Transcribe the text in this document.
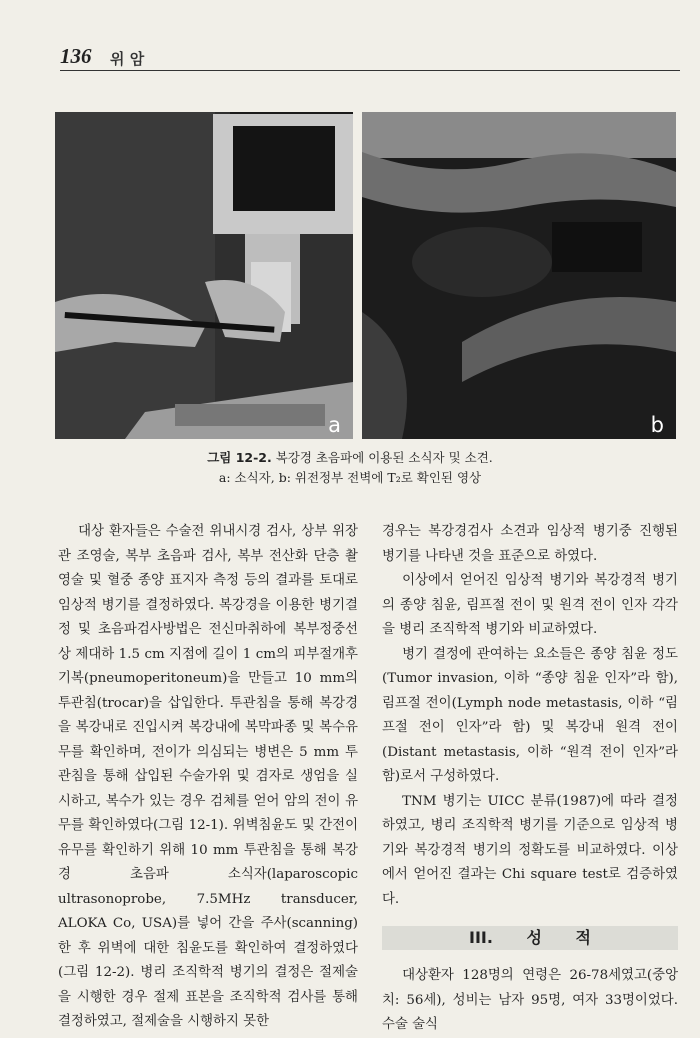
136 위 암
a	b
그림 12-2. 복강경 초음파에 이용된 소식자 및 소견.
a: 소식자, b: 위전정부 전벽에 T₂로 확인된 영상

대상 환자들은 수술전 위내시경 검사, 상부 위장관 조영술, 복부 초음파 검사, 복부 전산화 단층 촬영술 및 혈중 종양 표지자 측정 등의 결과를 토대로 임상적 병기를 결정하였다. 복강경을 이용한 병기결정 및 초음파검사방법은 전신마취하에 복부정중선상 제대하 1.5 cm 지점에 길이 1 cm의 피부절개후 기복(pneumoperitoneum)을 만들고 10 mm의 투관침(trocar)을 삽입한다. 투관침을 통해 복강경을 복강내로 진입시켜 복강내에 복막파종 및 복수유무를 확인하며, 전이가 의심되는 병변은 5 mm 투관침을 통해 삽입된 수술가위 및 겸자로 생엄을 실시하고, 복수가 있는 경우 검체를 얻어 암의 전이 유무를 확인하였다(그림 12-1). 위벽침윤도 및 간전이 유무를 확인하기 위해 10 mm 투관침을 통해 복강경 초음파 소식자(laparoscopic ultrasonoprobe, 7.5MHz transducer, ALOKA Co, USA)를 넣어 간을 주사(scanning)한 후 위벽에 대한 침윤도를 확인하여 결정하였다(그림 12-2). 병리 조직학적 병기의 결정은 절제술을 시행한 경우 절제 표본을 조직학적 검사를 통해 결정하였고, 절제술을 시행하지 못한

경우는 복강경검사 소견과 임상적 병기중 진행된 병기를 나타낸 것을 표준으로 하였다.

이상에서 얻어진 임상적 병기와 복강경적 병기의 종양 침윤, 림프절 전이 및 원격 전이 인자 각각을 병리 조직학적 병기와 비교하였다.

병기 결정에 관여하는 요소들은 종양 침윤 정도(Tumor invasion, 이하 “종양 침윤 인자”라 함), 림프절 전이(Lymph node metastasis, 이하 “림프절 전이 인자”라 함) 및 복강내 원격 전이(Distant metastasis, 이하 “원격 전이 인자”라 함)로서 구성하였다.

TNM 병기는 UICC 분류(1987)에 따라 결정하였고, 병리 조직학적 병기를 기준으로 임상적 병기와 복강경적 병기의 정확도를 비교하였다. 이상에서 얻어진 결과는 Chi square test로 검증하였다.

III. 성 적

대상환자 128명의 연령은 26-78세였고(중앙치: 56세), 성비는 남자 95명, 여자 33명이었다. 수술 술식
